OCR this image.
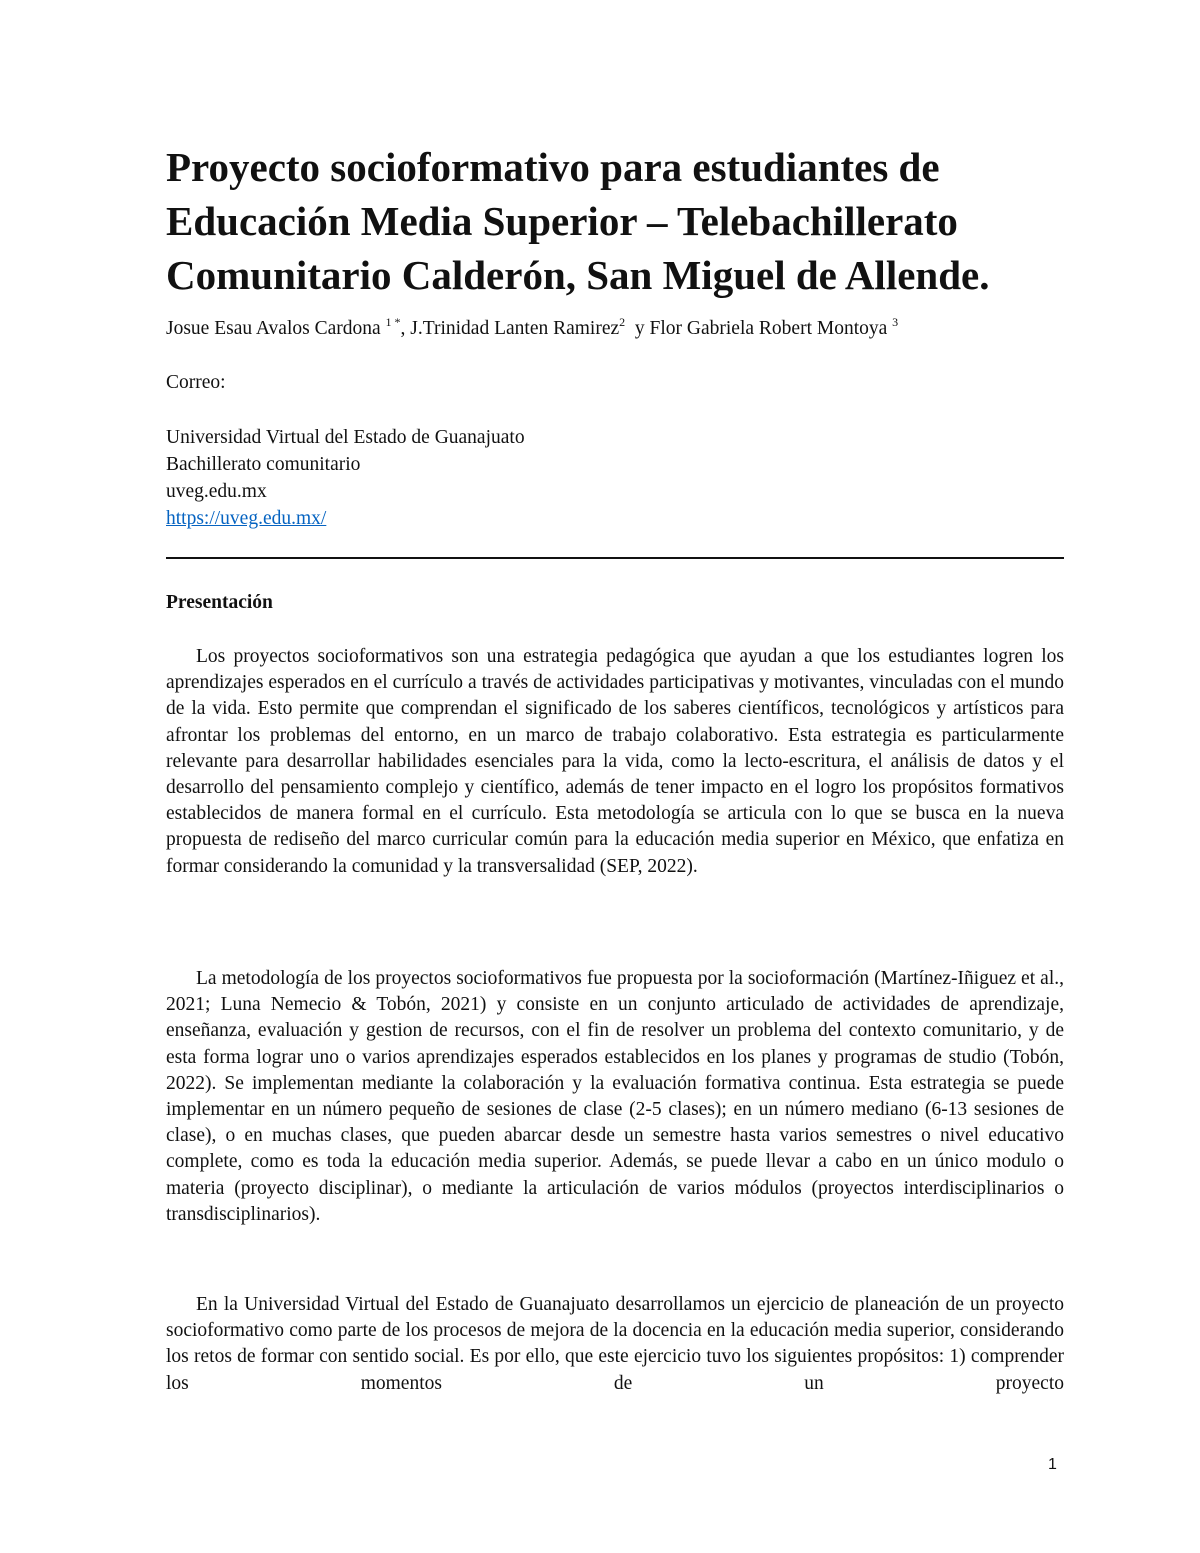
Proyecto socioformativo para estudiantes de
Educación Media Superior – Telebachillerato
Comunitario Calderón, San Miguel de Allende.
Josue Esau Avalos Cardona $^{1 *}$, J.Trinidad Lanten Ramirez$^2$  y Flor Gabriela Robert Montoya $^3$
Correo:
Universidad Virtual del Estado de Guanajuato
Bachillerato comunitario
uveg.edu.mx
https://uveg.edu.mx/
Presentación

Los proyectos socioformativos son una estrategia pedagógica que ayudan a que los estudiantes logren los aprendizajes esperados en el currículo a través de actividades participativas y motivantes, vinculadas con el mundo de la vida. Esto permite que comprendan el significado de los saberes científicos, tecnológicos y artísticos para afrontar los problemas del entorno, en un marco de trabajo colaborativo. Esta estrategia es particularmente relevante para desarrollar habilidades esenciales para la vida, como la lecto-escritura, el análisis de datos y el desarrollo del pensamiento complejo y científico, además de tener impacto en el logro los propósitos formativos establecidos de manera formal en el currículo. Esta metodología se articula con lo que se busca en la nueva propuesta de rediseño del marco curricular común para la educación media superior en México, que enfatiza en formar considerando la comunidad y la transversalidad (SEP, 2022).

La metodología de los proyectos socioformativos fue propuesta por la socioformación (Martínez-Iñiguez et al., 2021; Luna Nemecio & Tobón, 2021) y consiste en un conjunto articulado de actividades de aprendizaje, enseñanza, evaluación y gestion de recursos, con el fin de resolver un problema del contexto comunitario, y de esta forma lograr uno o varios aprendizajes esperados establecidos en los planes y programas de studio (Tobón, 2022). Se implementan mediante la colaboración y la evaluación formativa continua. Esta estrategia se puede implementar en un número pequeño de sesiones de clase (2-5 clases); en un número mediano (6-13 sesiones de clase), o en muchas clases, que pueden abarcar desde un semestre hasta varios semestres o nivel educativo complete, como es toda la educación media superior. Además, se puede llevar a cabo en un único modulo o materia (proyecto disciplinar), o mediante la articulación de varios módulos (proyectos interdisciplinarios o transdisciplinarios).

En la Universidad Virtual del Estado de Guanajuato desarrollamos un ejercicio de planeación de un proyecto socioformativo como parte de los procesos de mejora de la docencia en la educación media superior, considerando los retos de formar con sentido social. Es por ello, que este ejercicio tuvo los siguientes propósitos: 1) comprender los momentos de un proyecto

1
